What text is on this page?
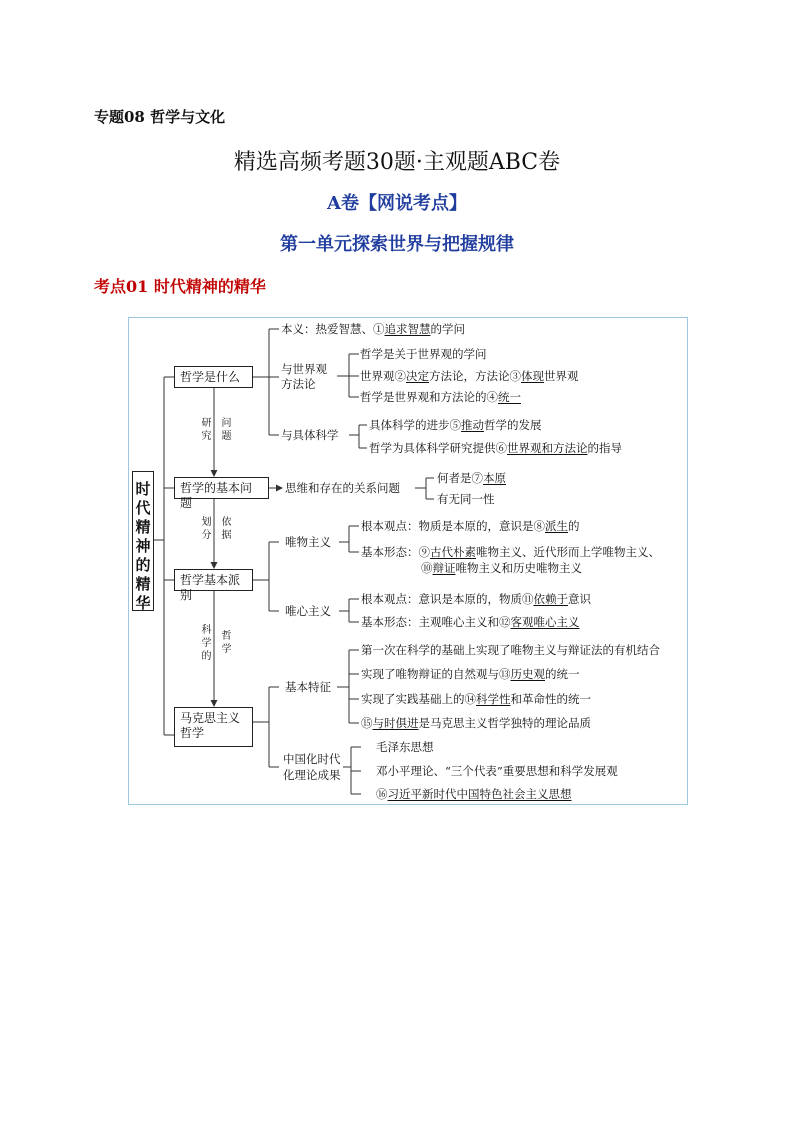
专题08 哲学与文化
精选高频考题30题·主观题ABC卷
A卷【网说考点】
第一单元探索世界与把握规律
考点01 时代精神的精华
时代精神的精华
哲学是什么
哲学的基本问题
哲学基本派别
马克思主义哲学
研究
问题
划分
依据
科学的
哲学
本义：热爱智慧、①追求智慧的学问
与世界观方法论
哲学是关于世界观的学问
世界观②决定方法论，方法论③体现世界观
哲学是世界观和方法论的④统一
与具体科学
具体科学的进步⑤推动哲学的发展
哲学为具体科学研究提供⑥世界观和方法论的指导
思维和存在的关系问题
何者是⑦本原
有无同一性
唯物主义
根本观点：物质是本原的，意识是⑧派生的
基本形态：⑨古代朴素唯物主义、近代形而上学唯物主义、
⑩辩证唯物主义和历史唯物主义
唯心主义
根本观点：意识是本原的，物质⑪依赖于意识
基本形态：主观唯心主义和⑫客观唯心主义
基本特征
第一次在科学的基础上实现了唯物主义与辩证法的有机结合
实现了唯物辩证的自然观与⑬历史观的统一
实现了实践基础上的⑭科学性和革命性的统一
⑮与时俱进是马克思主义哲学独特的理论品质
中国化时代化理论成果
毛泽东思想
邓小平理论、“三个代表”重要思想和科学发展观
⑯习近平新时代中国特色社会主义思想
